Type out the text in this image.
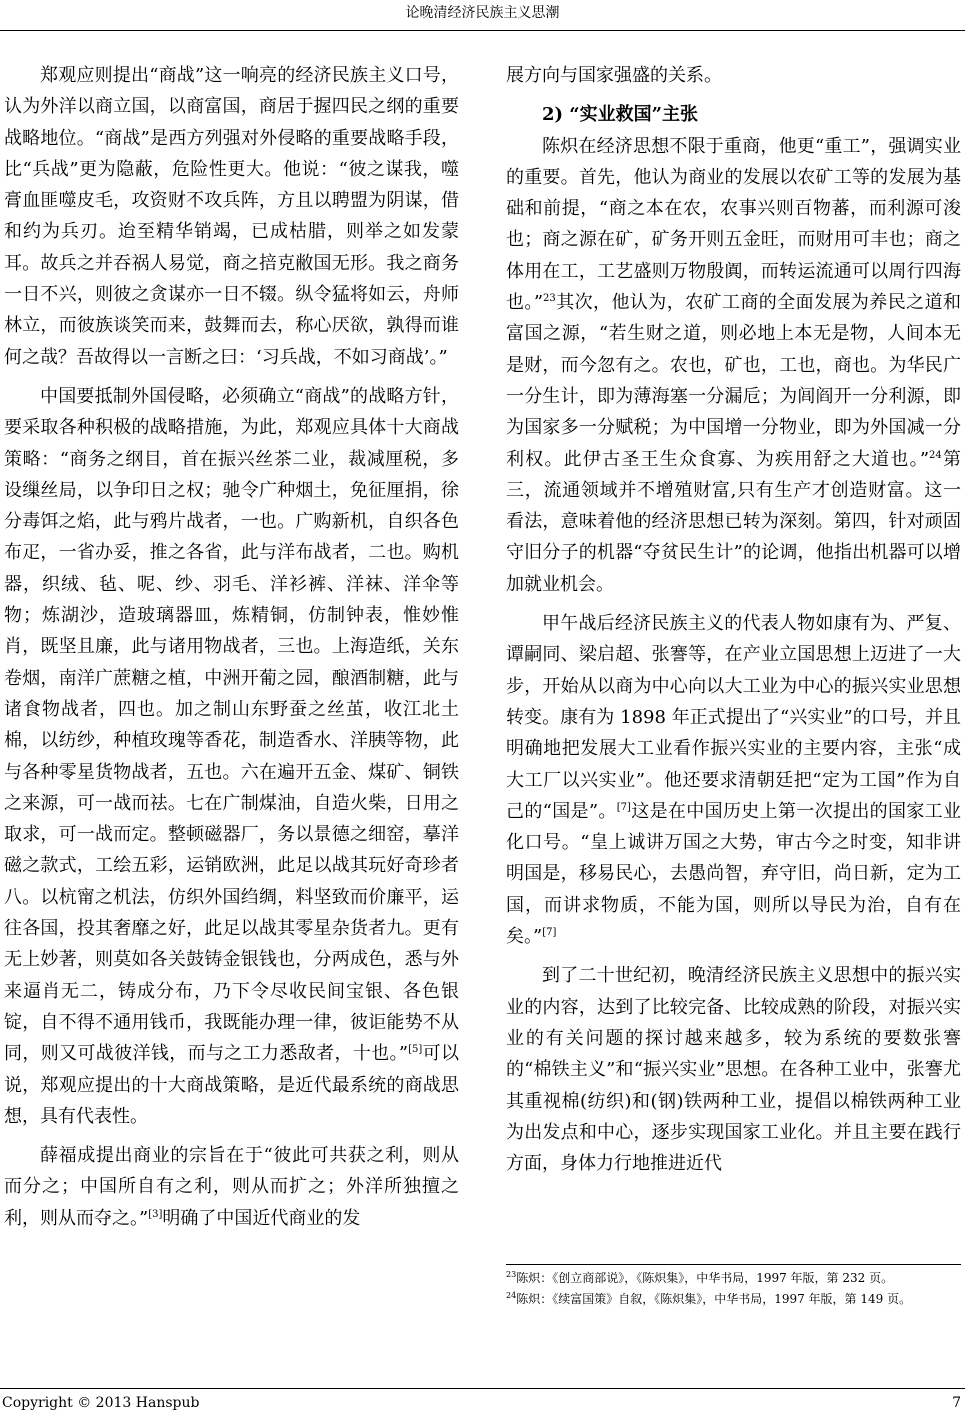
论晚清经济民族主义思潮

郑观应则提出“商战”这一响亮的经济民族主义口号，认为外洋以商立国，以商富国，商居于握四民之纲的重要战略地位。“商战”是西方列强对外侵略的重要战略手段，比“兵战”更为隐蔽，危险性更大。他说：“彼之谋我，噬膏血匪噬皮毛，攻资财不攻兵阵，方且以聘盟为阴谋，借和约为兵刃。迨至精华销竭，已成枯腊，则举之如发蒙耳。故兵之并吞祸人易觉，商之掊克敝国无形。我之商务一日不兴，则彼之贪谋亦一日不辍。纵令猛将如云，舟师林立，而彼族谈笑而来，鼓舞而去，称心厌欲，孰得而谁何之哉？吾故得以一言断之曰：‘习兵战，不如习商战’。”

中国要抵制外国侵略，必须确立“商战”的战略方针，要采取各种积极的战略措施，为此，郑观应具体十大商战策略：“商务之纲目，首在振兴丝茶二业，裁减厘税，多设缫丝局，以争印日之权；驰令广种烟土，免征厘捐，徐分毒饵之焰，此与鸦片战者，一也。广购新机，自织各色布疋，一省办妥，推之各省，此与洋布战者，二也。购机器，织绒、毡、呢、纱、羽毛、洋衫裤、洋袜、洋伞等物；炼湖沙，造玻璃器皿，炼精铜，仿制钟表，惟妙惟肖，既坚且廉，此与诸用物战者，三也。上海造纸，关东卷烟，南洋广蔗糖之植，中洲开葡之园，酿酒制糖，此与诸食物战者，四也。加之制山东野蚕之丝茧，收江北土棉，以纺纱，种植玫瑰等香花，制造香水、洋胰等物，此与各种零星货物战者，五也。六在遍开五金、煤矿、铜铁之来源，可一战而祛。七在广制煤油，自造火柴，日用之取求，可一战而定。整顿磁器厂，务以景德之细窑，摹洋磁之款式，工绘五彩，运销欧洲，此足以战其玩好奇珍者八。以杭甯之机法，仿织外国绉绸，料坚致而价廉平，运往各国，投其奢靡之好，此足以战其零星杂货者九。更有无上妙著，则莫如各关鼓铸金银钱也，分两成色，悉与外来逼肖无二，铸成分布，乃下令尽收民间宝银、各色银锭，自不得不通用钱币，我既能办理一律，彼讵能势不从同，则又可战彼洋钱，而与之工力悉敌者，十也。”[5]可以说，郑观应提出的十大商战策略，是近代最系统的商战思想，具有代表性。

薛福成提出商业的宗旨在于“彼此可共获之利，则从而分之；中国所自有之利，则从而扩之；外洋所独擅之利，则从而夺之。”[3]明确了中国近代商业的发

展方向与国家强盛的关系。

2) “实业救国”主张

陈炽在经济思想不限于重商，他更“重工”，强调实业的重要。首先，他认为商业的发展以农矿工等的发展为基础和前提，“商之本在农，农事兴则百物蕃，而利源可浚也；商之源在矿，矿务开则五金旺，而财用可丰也；商之体用在工，工艺盛则万物殷阗，而转运流通可以周行四海也。”$^{23}$其次，他认为，农矿工商的全面发展为养民之道和富国之源，“若生财之道，则必地上本无是物，人间本无是财，而今忽有之。农也，矿也，工也，商也。为华民广一分生计，即为薄海塞一分漏卮；为闾阎开一分利源，即为国家多一分赋税；为中国增一分物业，即为外国减一分利权。此伊古圣王生众食寡、为疾用舒之大道也。”$^{24}$第三，流通领域并不增殖财富,只有生产才创造财富。这一看法，意味着他的经济思想已转为深刻。第四，针对顽固守旧分子的机器“夺贫民生计”的论调，他指出机器可以增加就业机会。

甲午战后经济民族主义的代表人物如康有为、严复、谭嗣同、梁启超、张謇等，在产业立国思想上迈进了一大步，开始从以商为中心向以大工业为中心的振兴实业思想转变。康有为 1898 年正式提出了“兴实业”的口号，并且明确地把发展大工业看作振兴实业的主要内容，主张“成大工厂以兴实业”。他还要求清朝廷把“定为工国”作为自己的“国是”。[7]这是在中国历史上第一次提出的国家工业化口号。“皇上诚讲万国之大势，审古今之时变，知非讲明国是，移易民心，去愚尚智，弃守旧，尚日新，定为工国，而讲求物质，不能为国，则所以导民为治，自有在矣。”[7]

到了二十世纪初，晚清经济民族主义思想中的振兴实业的内容，达到了比较完备、比较成熟的阶段，对振兴实业的有关问题的探讨越来越多，较为系统的要数张謇的“棉铁主义”和“振兴实业”思想。在各种工业中，张謇尤其重视棉(纺织)和(钢)铁两种工业，提倡以棉铁两种工业为出发点和中心，逐步实现国家工业化。并且主要在践行方面，身体力行地推进近代

$^{23}$陈炽：《创立商部说》，《陈炽集》，中华书局，1997 年版，第 232 页。

$^{24}$陈炽：《续富国策》自叙，《陈炽集》，中华书局，1997 年版，第 149 页。

Copyright © 2013 Hanspub	7
